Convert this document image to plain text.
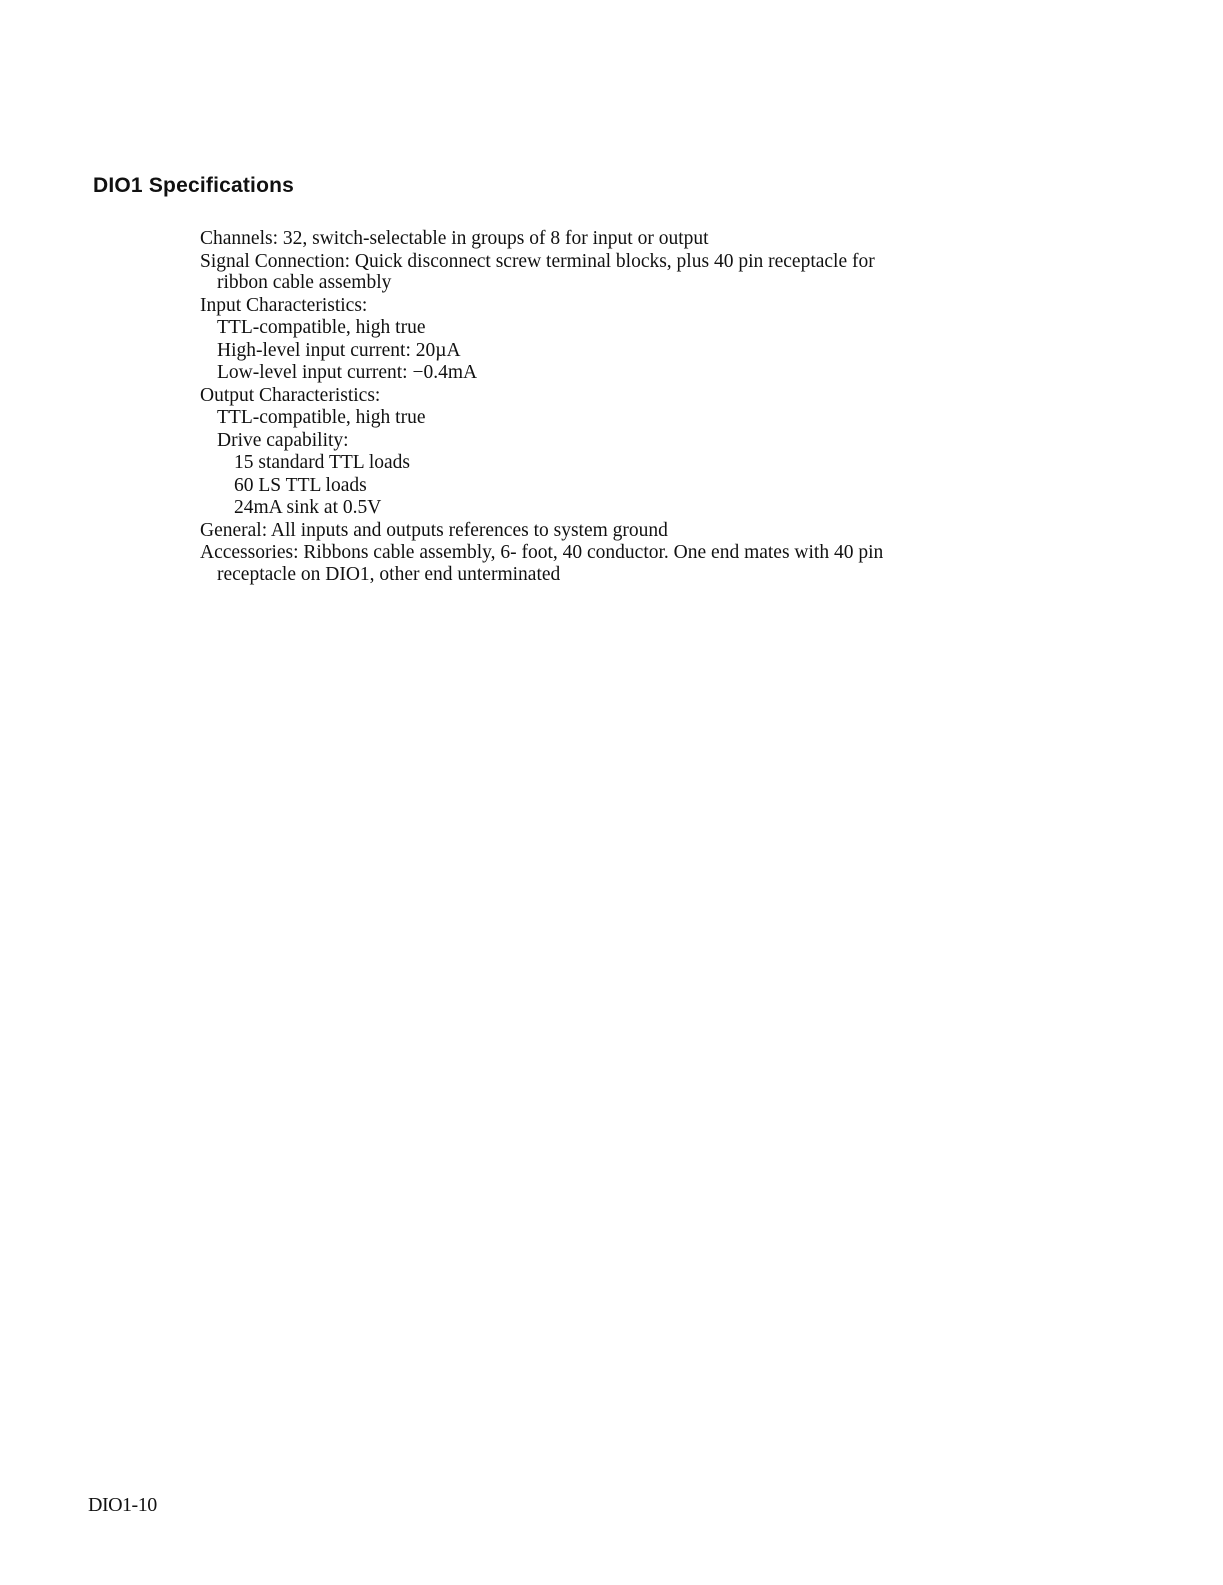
DIO1 Specifications
Channels: 32, switch-selectable in groups of 8 for input or output
Signal Connection: Quick disconnect screw terminal blocks, plus 40 pin receptacle for
ribbon cable assembly
Input Characteristics:
TTL-compatible, high true
High-level input current: 20µA
Low-level input current: −0.4mA
Output Characteristics:
TTL-compatible, high true
Drive capability:
15 standard TTL loads
60 LS TTL loads
24mA sink at 0.5V
General: All inputs and outputs references to system ground
Accessories: Ribbons cable assembly, 6- foot, 40 conductor. One end mates with 40 pin
receptacle on DIO1, other end unterminated
DIO1-10
